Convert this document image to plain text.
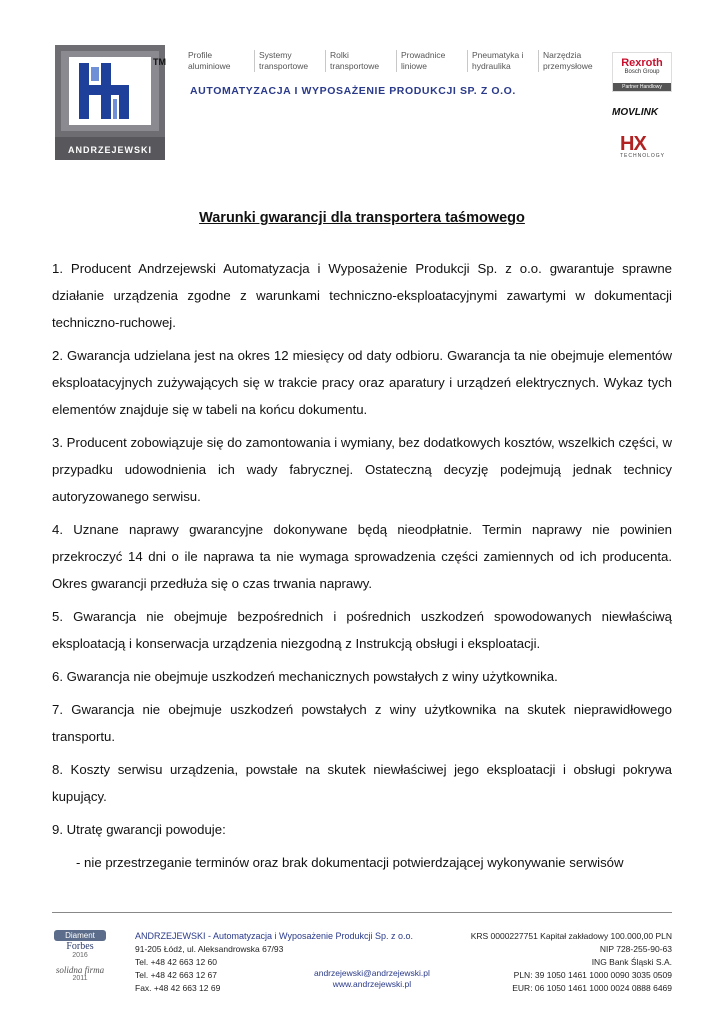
ANDRZEJEWSKI
TM
Profile aluminiowe
Systemy transportowe
Rolki transportowe
Prowadnice liniowe
Pneumatyka i hydraulika
Narzędzia przemysłowe
AUTOMATYZACJA I WYPOSAŻENIE PRODUKCJI SP. Z O.O.
Rexroth
Bosch Group
Partner Handlowy
MOVLINK
HX
TECHNOLOGY
Warunki gwarancji dla transportera taśmowego

1. Producent Andrzejewski Automatyzacja i Wyposażenie Produkcji Sp. z o.o. gwarantuje sprawne działanie urządzenia zgodne z warunkami techniczno-eksploatacyjnymi zawartymi w dokumentacji techniczno-ruchowej.

2. Gwarancja udzielana jest na okres 12 miesięcy od daty odbioru. Gwarancja ta nie obejmuje elementów eksploatacyjnych zużywających się w trakcie pracy oraz aparatury i urządzeń elektrycznych. Wykaz tych elementów znajduje się w tabeli na końcu dokumentu.

3. Producent zobowiązuje się do zamontowania i wymiany, bez dodatkowych kosztów, wszelkich części, w przypadku udowodnienia ich wady fabrycznej. Ostateczną decyzję podejmują jednak technicy autoryzowanego serwisu.

4. Uznane naprawy gwarancyjne dokonywane będą nieodpłatnie. Termin naprawy nie powinien przekroczyć 14 dni o ile naprawa ta nie wymaga sprowadzenia części zamiennych od ich producenta. Okres gwarancji przedłuża się o czas trwania naprawy.

5. Gwarancja nie obejmuje bezpośrednich i pośrednich uszkodzeń spowodowanych niewłaściwą eksploatacją i konserwacja urządzenia niezgodną z Instrukcją obsługi i eksploatacji.

6. Gwarancja nie obejmuje uszkodzeń mechanicznych powstałych z winy użytkownika.

7. Gwarancja nie obejmuje uszkodzeń powstałych z winy użytkownika na skutek nieprawidłowego transportu.

8. Koszty serwisu urządzenia, powstałe na skutek niewłaściwej jego eksploatacji i obsługi pokrywa kupujący.

9. Utratę gwarancji powoduje:

- nie przestrzeganie terminów oraz brak dokumentacji potwierdzającej wykonywanie serwisów

Diament
Forbes
2016
solidna firma
2011
ANDRZEJEWSKI - Automatyzacja i Wyposażenie Produkcji Sp. z o.o.
91-205 Łódź, ul. Aleksandrowska 67/93
Tel. +48 42 663 12 60
Tel. +48 42 663 12 67
Fax. +48 42 663 12 69
andrzejewski@andrzejewski.pl
www.andrzejewski.pl
KRS 0000227751 Kapitał zakładowy 100.000,00 PLN
NIP 728-255-90-63
ING Bank Śląski S.A.
PLN: 39 1050 1461 1000 0090 3035 0509
EUR: 06 1050 1461 1000 0024 0888 6469
